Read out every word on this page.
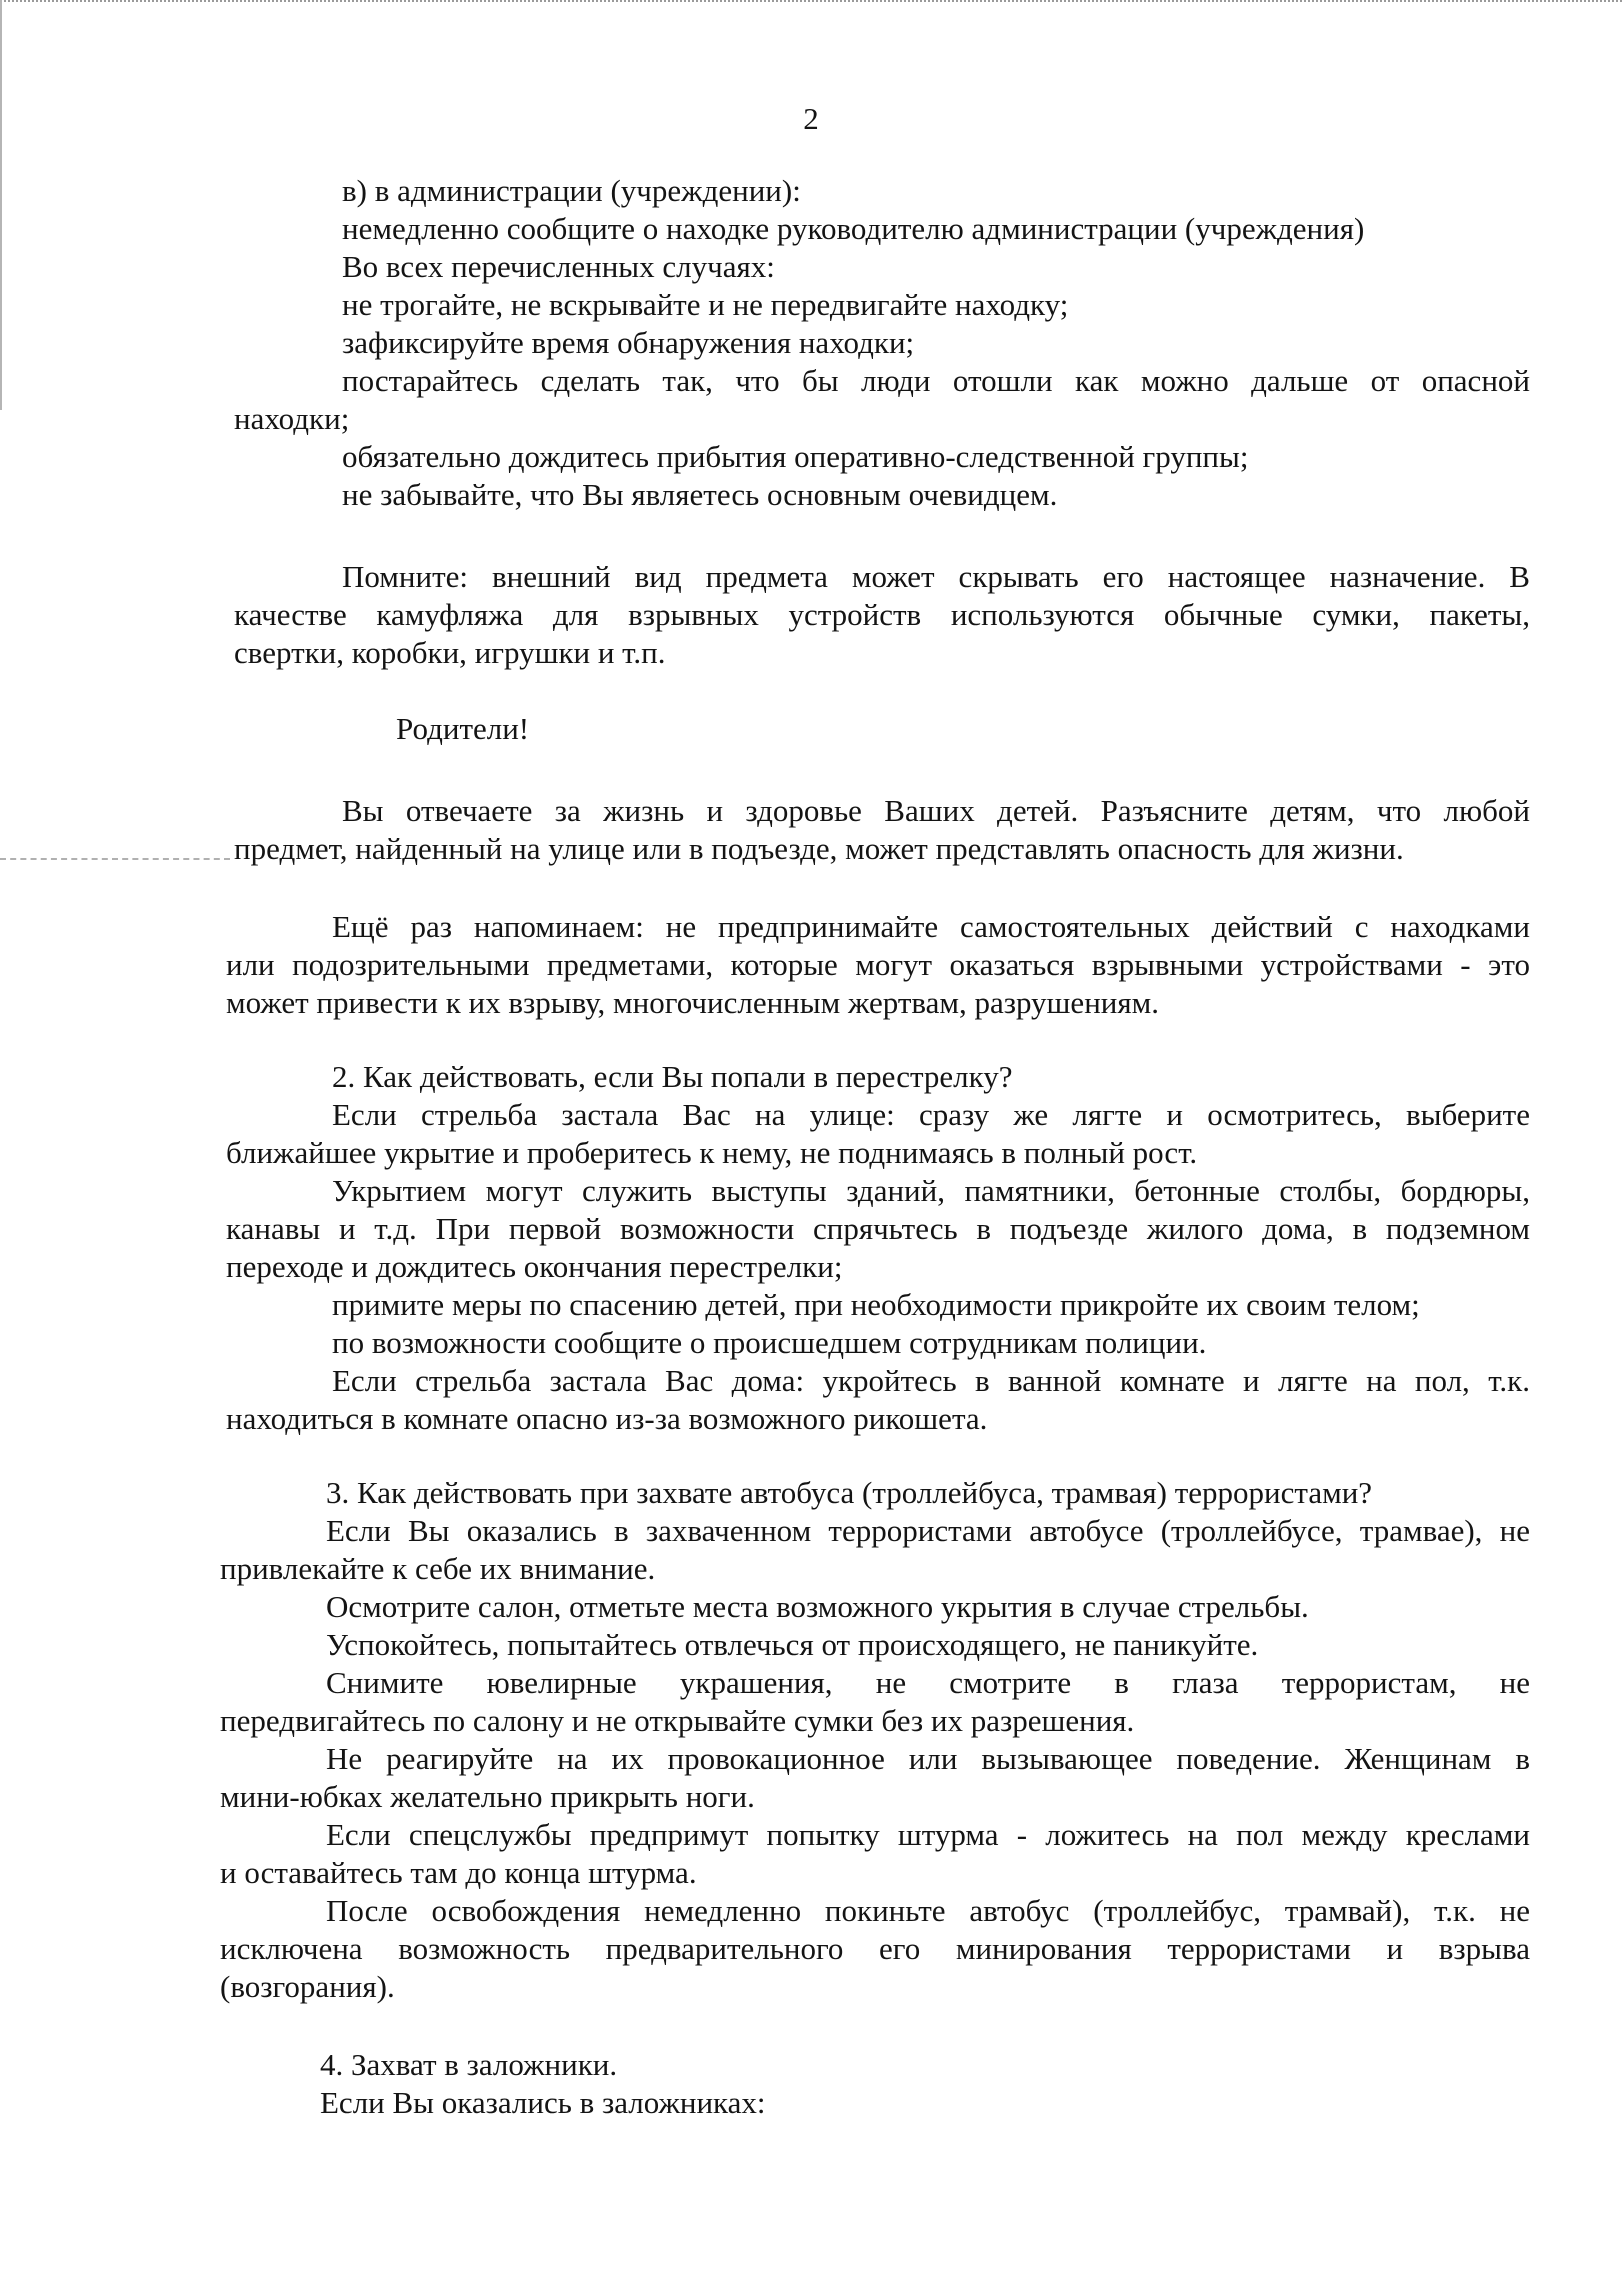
2
в) в администрации (учреждении):
немедленно сообщите о находке руководителю администрации (учреждения)
Во всех перечисленных случаях:
не трогайте, не вскрывайте и не передвигайте находку;
зафиксируйте время обнаружения находки;
постарайтесь сделать так, что бы люди отошли как можно дальше от опасной
находки;
обязательно дождитесь прибытия оперативно-следственной группы;
не забывайте, что Вы являетесь основным очевидцем.
Помните: внешний вид предмета может скрывать его настоящее назначение. В
качестве камуфляжа для взрывных устройств используются обычные сумки, пакеты,
свертки, коробки, игрушки и т.п.
Родители!
Вы отвечаете за жизнь и здоровье Ваших детей. Разъясните детям, что любой
предмет, найденный на улице или в подъезде, может представлять опасность для жизни.
Ещё раз напоминаем: не предпринимайте самостоятельных действий с находками
или подозрительными предметами, которые могут оказаться взрывными устройствами - это
может привести к их взрыву, многочисленным жертвам, разрушениям.
2. Как действовать, если Вы попали в перестрелку?
Если стрельба застала Вас на улице: сразу же лягте и осмотритесь, выберите
ближайшее укрытие и проберитесь к нему, не поднимаясь в полный рост.
Укрытием могут служить выступы зданий, памятники, бетонные столбы, бордюры,
канавы и т.д. При первой возможности спрячьтесь в подъезде жилого дома, в подземном
переходе и дождитесь окончания перестрелки;
примите меры по спасению детей, при необходимости прикройте их своим телом;
по возможности сообщите о происшедшем сотрудникам полиции.
Если стрельба застала Вас дома: укройтесь в ванной комнате и лягте на пол, т.к.
находиться в комнате опасно из-за возможного рикошета.
3. Как действовать при захвате автобуса (троллейбуса, трамвая) террористами?
Если Вы оказались в захваченном террористами автобусе (троллейбусе, трамвае), не
привлекайте к себе их внимание.
Осмотрите салон, отметьте места возможного укрытия в случае стрельбы.
Успокойтесь, попытайтесь отвлечься от происходящего, не паникуйте.
Снимите ювелирные украшения, не смотрите в глаза террористам, не
передвигайтесь по салону и не открывайте сумки без их разрешения.
Не реагируйте на их провокационное или вызывающее поведение. Женщинам в
мини-юбках желательно прикрыть ноги.
Если спецслужбы предпримут попытку штурма - ложитесь на пол между креслами
и оставайтесь там до конца штурма.
После освобождения немедленно покиньте автобус (троллейбус, трамвай), т.к. не
исключена возможность предварительного его минирования террористами и взрыва
(возгорания).
4. Захват в заложники.
Если Вы оказались в заложниках:
